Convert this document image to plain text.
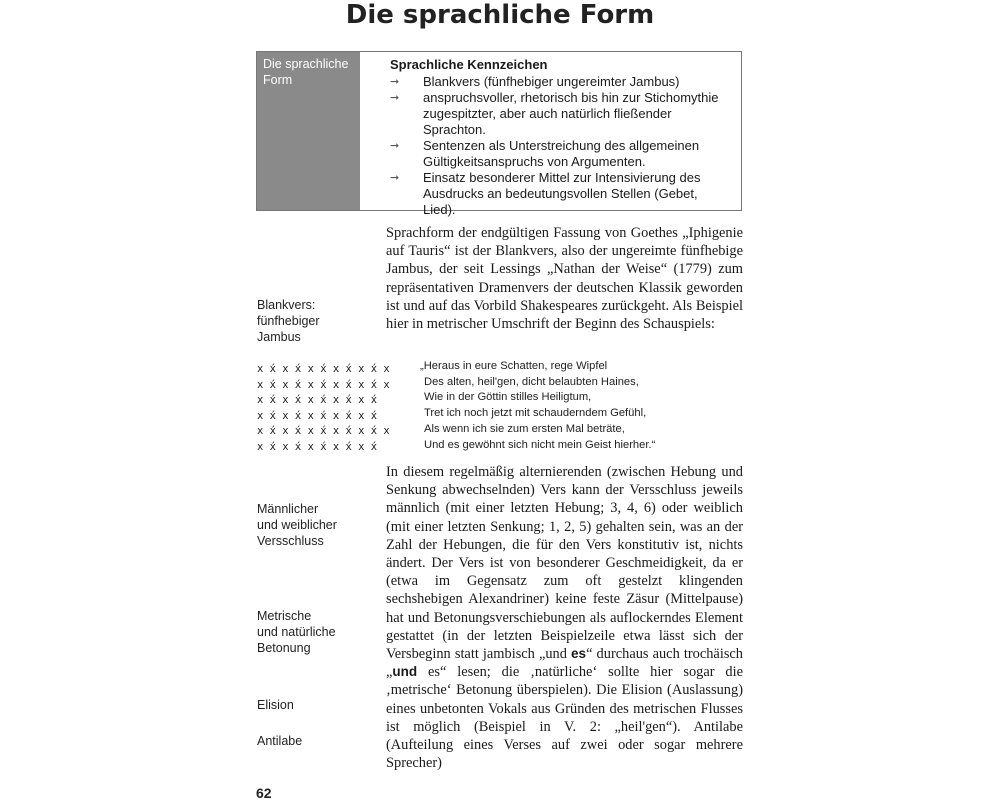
Die sprachliche Form
Die sprachliche Form
Sprachliche Kennzeichen
➞ Blankvers (fünfhebiger ungereimter Jambus)
➞ anspruchsvoller, rhetorisch bis hin zur Stichomythie zugespitzter, aber auch natürlich fließender Sprachton.
➞ Sentenzen als Unterstreichung des allgemeinen Gültigkeitsanspruchs von Argumenten.
➞ Einsatz besonderer Mittel zur Intensivierung des Ausdrucks an bedeutungsvollen Stellen (Gebet, Lied).
Blankvers:
fünfhebiger
Jambus
x x́ x x́ x x́ x x́ x x́ x
x x́ x x́ x x́ x x́ x x́ x
x x́ x x́ x x́ x x́ x x́
x x́ x x́ x x́ x x́ x x́
x x́ x x́ x x́ x x́ x x́ x
x x́ x x́ x x́ x x́ x x́
Männlicher
und weiblicher
Versschluss
Metrische
und natürliche
Betonung
Elision
Antilabe
Sprachform der endgültigen Fassung von Goethes „Iphigenie auf Tauris“ ist der Blankvers, also der ungereimte fünfhebige Jambus, der seit Lessings „Nathan der Weise“ (1779) zum repräsentativen Dramenvers der deutschen Klassik geworden ist und auf das Vorbild Shakespeares zurückgeht. Als Beispiel hier in metrischer Umschrift der Beginn des Schauspiels:
„Heraus in eure Schatten, rege Wipfel
Des alten, heil'gen, dicht belaubten Haines,
Wie in der Göttin stilles Heiligtum,
Tret ich noch jetzt mit schauderndem Gefühl,
Als wenn ich sie zum ersten Mal beträte,
Und es gewöhnt sich nicht mein Geist hierher.“
In diesem regelmäßig alternierenden (zwischen Hebung und Senkung abwechselnden) Vers kann der Versschluss jeweils männlich (mit einer letzten Hebung; 3, 4, 6) oder weiblich (mit einer letzten Senkung; 1, 2, 5) gehalten sein, was an der Zahl der Hebungen, die für den Vers konstitutiv ist, nichts ändert. Der Vers ist von besonderer Geschmeidigkeit, da er (etwa im Gegensatz zum oft gestelzt klingenden sechshebigen Alexandriner) keine feste Zäsur (Mittelpause) hat und Betonungsverschiebungen als auflockerndes Element gestattet (in der letzten Beispielzeile etwa lässt sich der Versbeginn statt jambisch „und es“ durchaus auch trochäisch „und es“ lesen; die ‚natürliche‘ sollte hier sogar die ‚metrische‘ Betonung überspielen). Die Elision (Auslassung) eines unbetonten Vokals aus Gründen des metrischen Flusses ist möglich (Beispiel in V. 2: „heil'gen“). Antilabe (Aufteilung eines Verses auf zwei oder sogar mehrere Sprecher)
62
